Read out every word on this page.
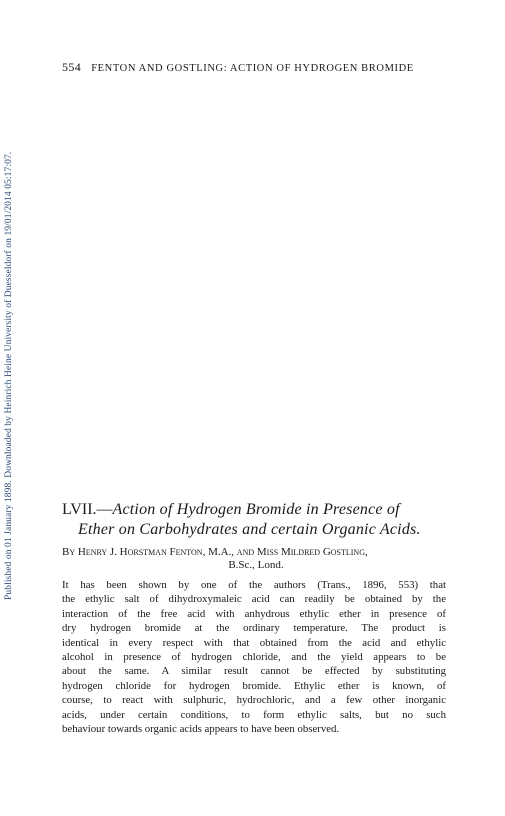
Published on 01 January 1898. Downloaded by Heinrich Heine University of Duesseldorf on 19/01/2014 05:17:07.
554 FENTON AND GOSTLING: ACTION OF HYDROGEN BROMIDE
LVII.—Action of Hydrogen Bromide in Presence of
Ether on Carbohydrates and certain Organic Acids.
By Henry J. Horstman Fenton, M.A., and Miss Mildred Gostling,
B.Sc., Lond.
It has been shown by one of the authors (Trans., 1896, 553) that
the ethylic salt of dihydroxymaleic acid can readily be obtained by the
interaction of the free acid with anhydrous ethylic ether in presence of
dry hydrogen bromide at the ordinary temperature. The product is
identical in every respect with that obtained from the acid and ethylic
alcohol in presence of hydrogen chloride, and the yield appears to be
about the same. A similar result cannot be effected by substituting
hydrogen chloride for hydrogen bromide. Ethylic ether is known, of
course, to react with sulphuric, hydrochloric, and a few other inorganic
acids, under certain conditions, to form ethylic salts, but no such
behaviour towards organic acids appears to have been observed.
